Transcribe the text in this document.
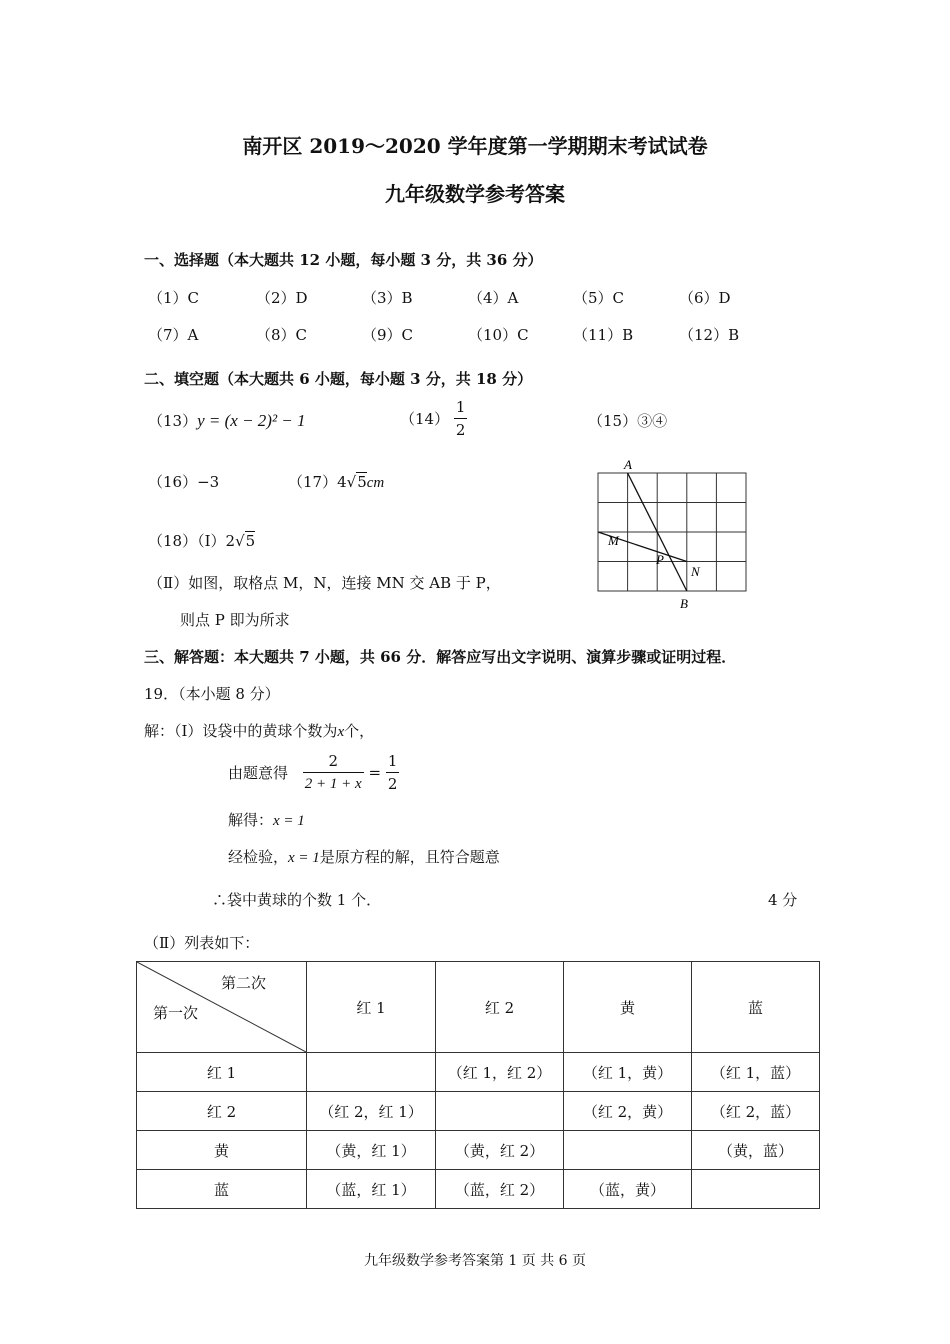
南开区 2019～2020 学年度第一学期期末考试试卷
九年级数学参考答案
一、选择题（本大题共 12 小题，每小题 3 分，共 36 分）
（1）C	（2）D	（3）B	（4）A	（5）C	（6）D
（7）A	（8）C	（9）C	（10）C	（11）B	（12）B
二、填空题（本大题共 6 小题，每小题 3 分，共 18 分）
（13）y = (x − 2)² − 1	$(14) \frac{1}{2}$	（15）③④
（16）−3	（17）4√5cm
（18）（Ⅰ）2√5
（Ⅱ）如图，取格点 M，N，连接 MN 交 AB 于 P，
则点 P 即为所求
A
B
M
N
P
三、解答题：本大题共 7 小题，共 66 分．解答应写出文字说明、演算步骤或证明过程．
19．（本小题 8 分）
解：（Ⅰ）设袋中的黄球个数为x个，
由题意得 $\frac{2}{2 + 1 + x} = \frac{1}{2}$
解得：x = 1
经检验，x = 1是原方程的解，且符合题意
∴袋中黄球的个数 1 个．	4 分
（Ⅱ）列表如下：
第二次
第一次	红 1	红 2	黄	蓝
红 1		（红 1，红 2）	（红 1，黄）	（红 1，蓝）
红 2	（红 2，红 1）		（红 2，黄）	（红 2，蓝）
黄	（黄，红 1）	（黄，红 2）		（黄，蓝）
蓝	（蓝，红 1）	（蓝，红 2）	（蓝，黄）	
九年级数学参考答案第 1 页 共 6 页
